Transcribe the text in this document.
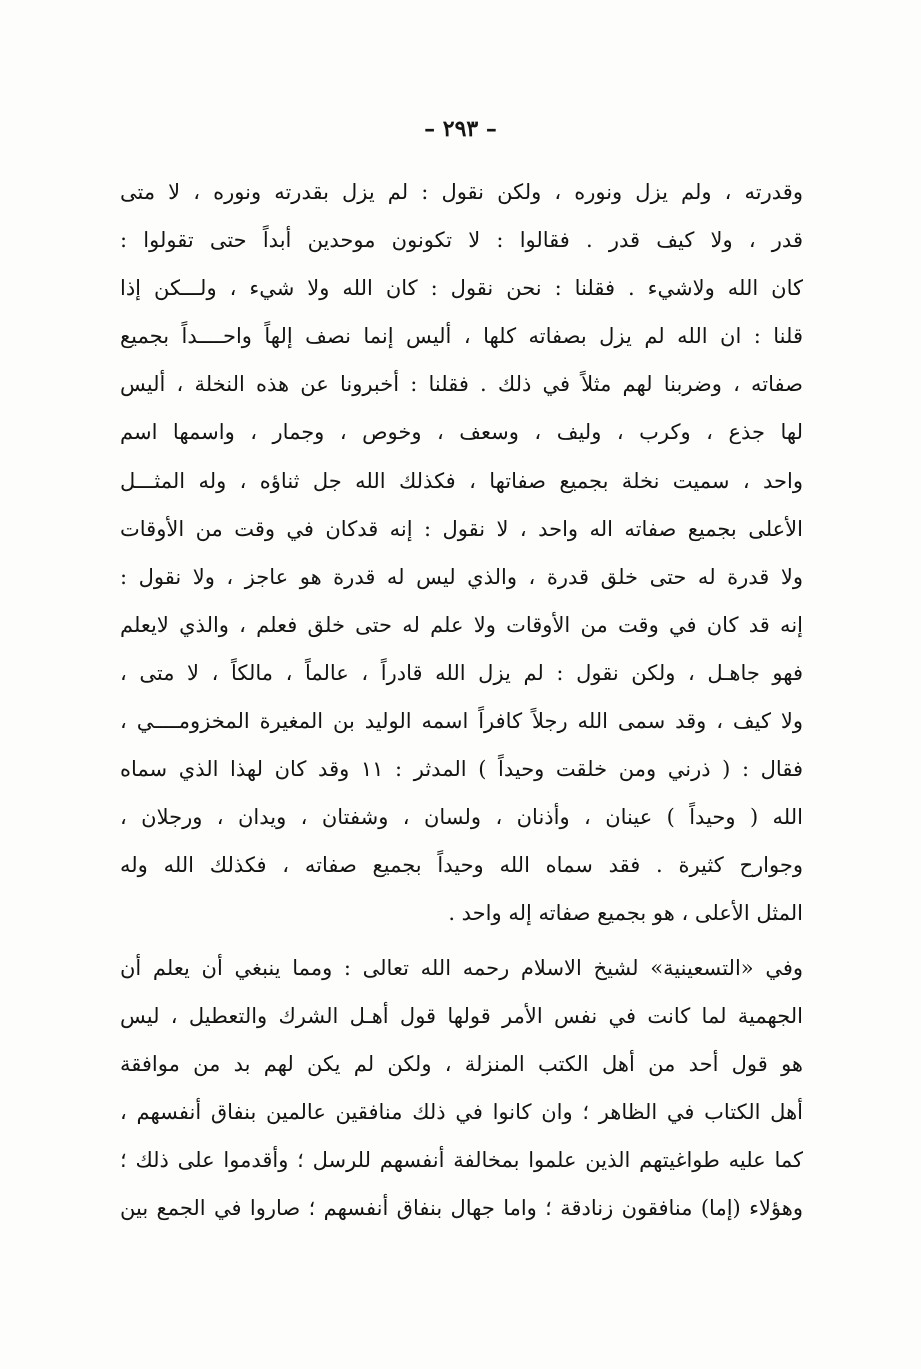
– ٢٩٣ –
وقدرته ، ولم يزل ونوره ، ولكن نقول : لم يزل بقدرته ونوره ، لا متى
قدر ، ولا كيف قدر . فقالوا : لا تكونون موحدين أبداً حتى تقولوا :
كان الله ولاشيء . فقلنا : نحن نقول : كان الله ولا شيء ، ولـــكن إذا
قلنا : ان الله لم يزل بصفاته كلها ، أليس إنما نصف إلهاً واحــــداً بجميع
صفاته ، وضربنا لهم مثلاً في ذلك . فقلنا : أخبرونا عن هذه النخلة ، أليس
لها جذع ، وكرب ، وليف ، وسعف ، وخوص ، وجمار ، واسمها اسم
واحد ، سميت نخلة بجميع صفاتها ، فكذلك الله جل ثناؤه ، وله المثـــل
الأعلى بجميع صفاته اله واحد ، لا نقول : إنه قدكان في وقت من الأوقات
ولا قدرة له حتى خلق قدرة ، والذي ليس له قدرة هو عاجز ، ولا نقول :
إنه قد كان في وقت من الأوقات ولا علم له حتى خلق فعلم ، والذي لايعلم
فهو جاهـل ، ولكن نقول : لم يزل الله قادراً ، عالماً ، مالكاً ، لا متى ،
ولا كيف ، وقد سمى الله رجلاً كافراً اسمه الوليد بن المغيرة المخزومــــي ،
فقال : ( ذرني ومن خلقت وحيداً ) المدثر : ١١ وقد كان لهذا الذي سماه
الله ( وحيداً ) عينان ، وأذنان ، ولسان ، وشفتان ، ويدان ، ورجلان ،
وجوارح كثيرة . فقد سماه الله وحيداً بجميع صفاته ، فكذلك الله وله
المثل الأعلى ، هو بجميع صفاته إله واحد .
وفي «التسعينية» لشيخ الاسلام رحمه الله تعالى : ومما ينبغي أن يعلم أن
الجهمية لما كانت في نفس الأمر قولها قول أهـل الشرك والتعطيل ، ليس
هو قول أحد من أهل الكتب المنزلة ، ولكن لم يكن لهم بد من موافقة
أهل الكتاب في الظاهر ؛ وان كانوا في ذلك منافقين عالمين بنفاق أنفسهم ،
كما عليه طواغيتهم الذين علموا بمخالفة أنفسهم للرسل ؛ وأقدموا على ذلك ؛
وهؤلاء (إما) منافقون زنادقة ؛ واما جهال بنفاق أنفسهم ؛ صاروا في الجمع بين
